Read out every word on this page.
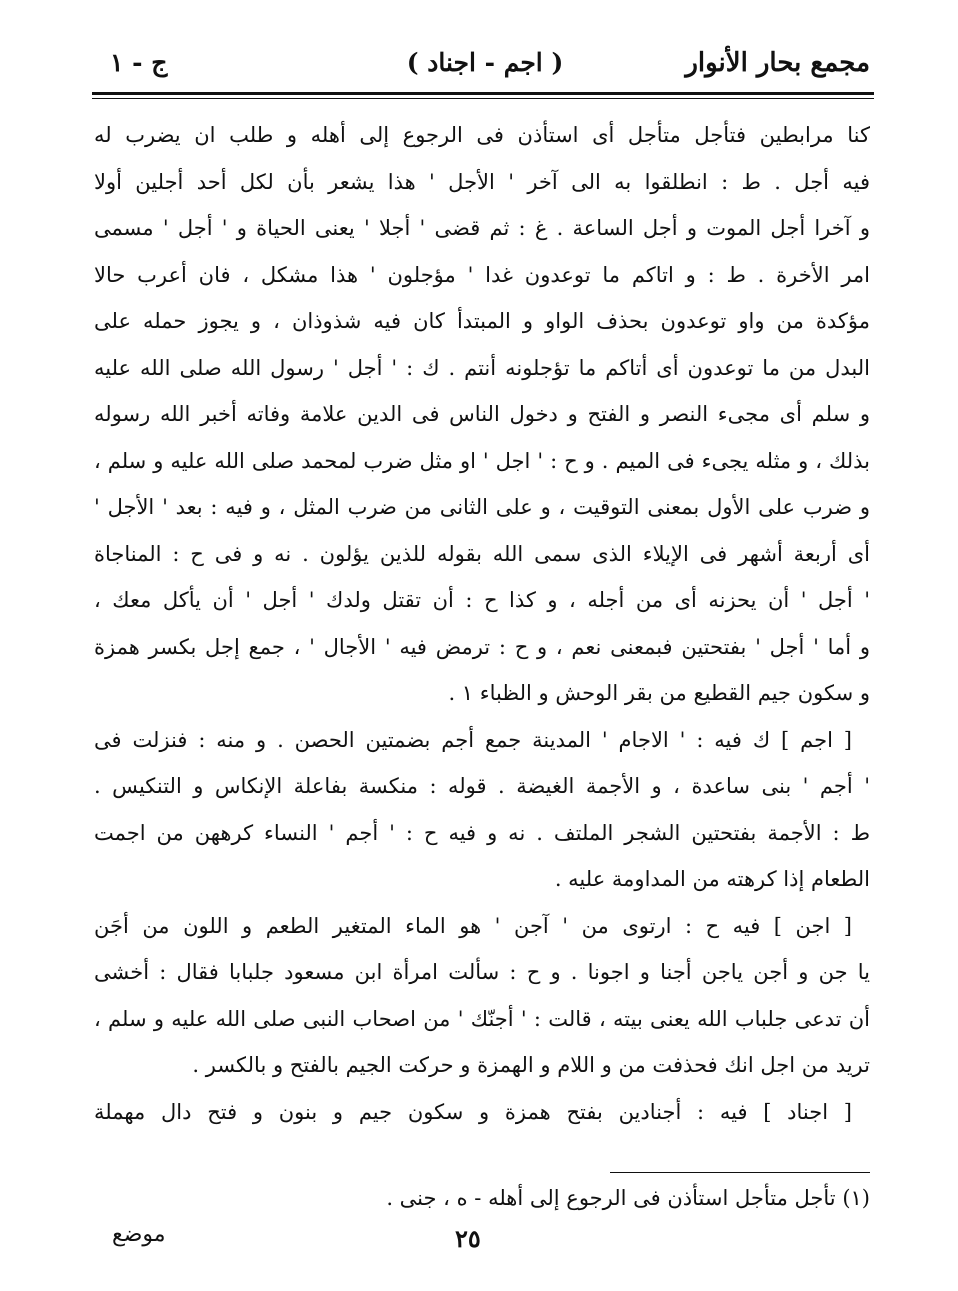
مجمع بحار الأنوار
( اجم - اجناد )
ج - ١
كنا مرابطين فتأجل متأجل أى استأذن فى الرجوع إلى أهله و طلب ان يضرب له
فيه أجل . ط : انطلقوا به الى آخر ' الأجل ' هذا يشعر بأن لكل أحد أجلين أولا
و آخرا أجل الموت و أجل الساعة . غ : ثم قضى ' أجلا ' يعنى الحياة و ' أجل ' مسمى
امر الأخرة . ط : و اتاكم ما توعدون غدا ' مؤجلون ' هذا مشكل ، فان أعرب حالا
مؤكدة من واو توعدون بحذف الواو و المبتدأ كان فيه شذوذان ، و يجوز حمله على
البدل من ما توعدون أى أتاكم ما تؤجلونه أنتم . ك : ' أجل ' رسول الله صلى الله عليه
و سلم أى مجىء النصر و الفتح و دخول الناس فى الدين علامة وفاته أخبر الله رسوله
بذلك ، و مثله يجىء فى الميم . و ح : ' اجل ' او مثل ضرب لمحمد صلى الله عليه و سلم ،
و ضرب على الأول بمعنى التوقيت ، و على الثانى من ضرب المثل ، و فيه : بعد ' الأجل '
أى أربعة أشهر فى الإيلاء الذى سمى الله بقوله للذين يؤلون . نه و فى ح : المناجاة
' أجل ' أن يحزنه أى من أجله ، و كذا ح : أن تقتل ولدك ' أجل ' أن يأكل معك ،
و أما ' أجل ' بفتحتين فبمعنى نعم ، و ح : ترمض فيه ' الأجال ' ، جمع إجل بكسر همزة
و سكون جيم القطيع من بقر الوحش و الظباء ١ .
[ اجم ] ك فيه : ' الاجام ' المدينة جمع أجم بضمتين الحصن . و منه : فنزلت فى
' أجم ' بنى ساعدة ، و الأجمة الغيضة . قوله : منكسة بفاعلة الإنكاس و التنكيس .
ط : الأجمة بفتحتين الشجر الملتف . نه و فيه ح : ' أجم ' النساء كرههن من اجمت
الطعام إذا كرهته من المداومة عليه .
[ اجن ] فيه ح : ارتوى من ' آجن ' هو الماء المتغير الطعم و اللون من أجَن
يا جن و أجن ياجن أجنا و اجونا . و ح : سألت امرأة ابن مسعود جلبابا فقال : أخشى
أن تدعى جلباب الله يعنى بيته ، قالت : ' أجنّك ' من اصحاب النبى صلى الله عليه و سلم ،
تريد من اجل انك فحذفت من و اللام و الهمزة و حركت الجيم بالفتح و بالكسر .
[ اجناد ] فيه : أجنادين بفتح همزة و سكون جيم و بنون و فتح دال مهملة
(١) تأجل متأجل استأذن فى الرجوع إلى أهله - ه ، جنى .
٢٥
موضع
